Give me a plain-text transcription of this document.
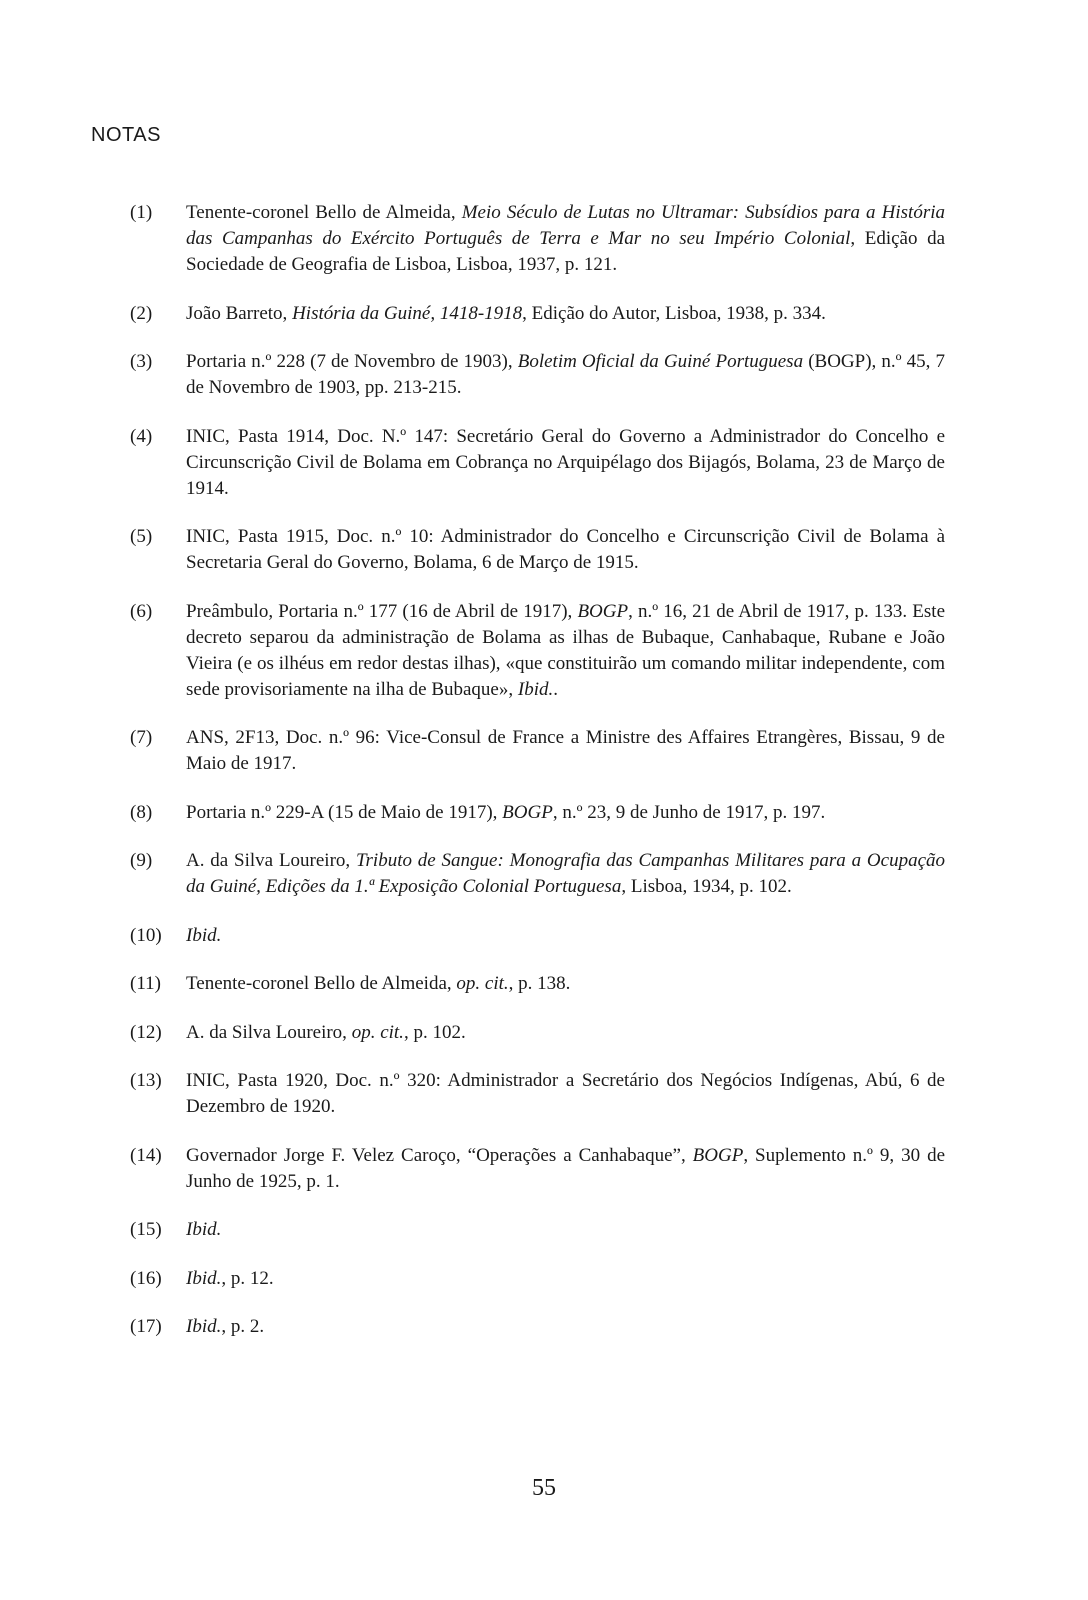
NOTAS
(1)	Tenente-coronel Bello de Almeida, Meio Século de Lutas no Ultramar: Subsídios para a História das Campanhas do Exército Português de Terra e Mar no seu Império Colonial, Edição da Sociedade de Geografia de Lisboa, Lisboa, 1937, p. 121.
(2)	João Barreto, História da Guiné, 1418-1918, Edição do Autor, Lisboa, 1938, p. 334.
(3)	Portaria n.º 228 (7 de Novembro de 1903), Boletim Oficial da Guiné Portuguesa (BOGP), n.º 45, 7 de Novembro de 1903, pp. 213-215.
(4)	INIC, Pasta 1914, Doc. N.º 147: Secretário Geral do Governo a Administrador do Concelho e Circunscrição Civil de Bolama em Cobrança no Arquipélago dos Bijagós, Bolama, 23 de Março de 1914.
(5)	INIC, Pasta 1915, Doc. n.º 10: Administrador do Concelho e Circunscrição Civil de Bolama à Secretaria Geral do Governo, Bolama, 6 de Março de 1915.
(6)	Preâmbulo, Portaria n.º 177 (16 de Abril de 1917), BOGP, n.º 16, 21 de Abril de 1917, p. 133. Este decreto separou da administração de Bolama as ilhas de Bubaque, Canhabaque, Rubane e João Vieira (e os ilhéus em redor destas ilhas), «que constituirão um comando militar independente, com sede provisoriamente na ilha de Bubaque», Ibid..
(7)	ANS, 2F13, Doc. n.º 96: Vice-Consul de France a Ministre des Affaires Etrangères, Bissau, 9 de Maio de 1917.
(8)	Portaria n.º 229-A (15 de Maio de 1917), BOGP, n.º 23, 9 de Junho de 1917, p. 197.
(9)	A. da Silva Loureiro, Tributo de Sangue: Monografia das Campanhas Militares para a Ocupação da Guiné, Edições da 1.ª Exposição Colonial Portuguesa, Lisboa, 1934, p. 102.
(10)	Ibid.
(11)	Tenente-coronel Bello de Almeida, op. cit., p. 138.
(12)	A. da Silva Loureiro, op. cit., p. 102.
(13)	INIC, Pasta 1920, Doc. n.º 320: Administrador a Secretário dos Negócios Indígenas, Abú, 6 de Dezembro de 1920.
(14)	Governador Jorge F. Velez Caroço, “Operações a Canhabaque”, BOGP, Suplemento n.º 9, 30 de Junho de 1925, p. 1.
(15)	Ibid.
(16)	Ibid., p. 12.
(17)	Ibid., p. 2.
55
